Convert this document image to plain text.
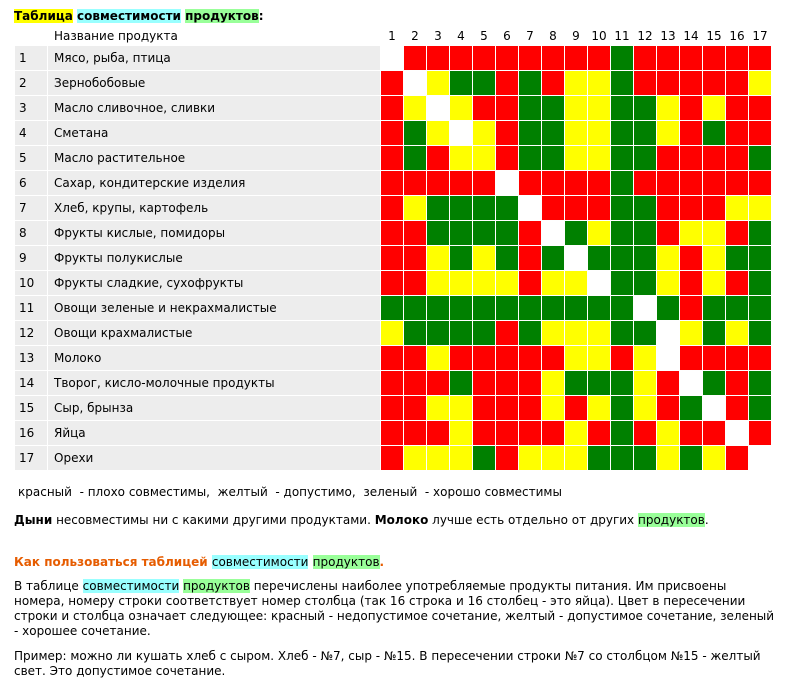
Таблица совместимости продуктов:
	Название продукта	1	2	3	4	5	6	7	8	9	10	11	12	13	14	15	16	17
1	Мясо, рыба, птица																	
2	Зернобобовые																	
3	Масло сливочное, сливки																	
4	Сметана																	
5	Масло растительное																	
6	Сахар, кондитерские изделия																	
7	Хлеб, крупы, картофель																	
8	Фрукты кислые, помидоры																	
9	Фрукты полукислые																	
10	Фрукты сладкие, сухофрукты																	
11	Овощи зеленые и некрахмалистые																	
12	Овощи крахмалистые																	
13	Молоко																	
14	Творог, кисло-молочные продукты																	
15	Сыр, брынза																	
16	Яйца																	
17	Орехи																	
красный  - плохо совместимы,  желтый  - допустимо,  зеленый  - хорошо совместимы
Дыни несовместимы ни с какими другими продуктами. Молоко лучше есть отдельно от других продуктов.
Как пользоваться таблицей совместимости продуктов.
В таблице совместимости продуктов перечислены наиболее употребляемые продукты питания. Им присвоены номера, номеру строки соответствует номер столбца (так 16 строка и 16 столбец - это яйца). Цвет в пересечении строки и столбца означает следующее: красный - недопустимое сочетание, желтый - допустимое сочетание, зеленый - хорошее сочетание.
Пример: можно ли кушать хлеб с сыром. Хлеб - №7, сыр - №15. В пересечении строки №7 со столбцом №15 - желтый свет. Это допустимое сочетание.
